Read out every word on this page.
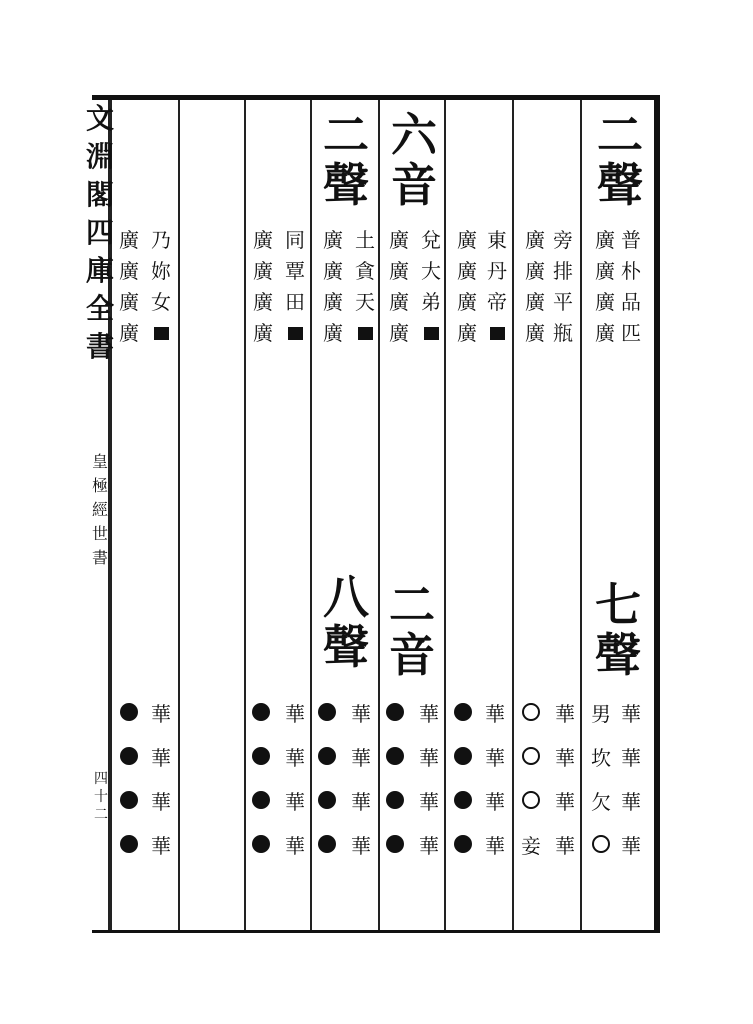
文
淵
閣
四
庫
全
書
皇
極
經
世
書
四十二
二
聲
普
朴
品
匹
廣
廣
廣
廣
七
聲
華
華
華
華
男
坎
欠
旁
排
平
瓶
廣
廣
廣
廣
華
華
華
華
妾
東
丹
帝
廣
廣
廣
廣
華
華
華
華
六
音
兌
大
弟
廣
廣
廣
廣
二
音
華
華
華
華
土
貪
天
廣
廣
廣
廣
華
華
華
華
二
聲
同
覃
田
廣
廣
廣
廣
八
聲
華
華
華
華
乃
妳
女
廣
廣
廣
廣
華
華
華
華
